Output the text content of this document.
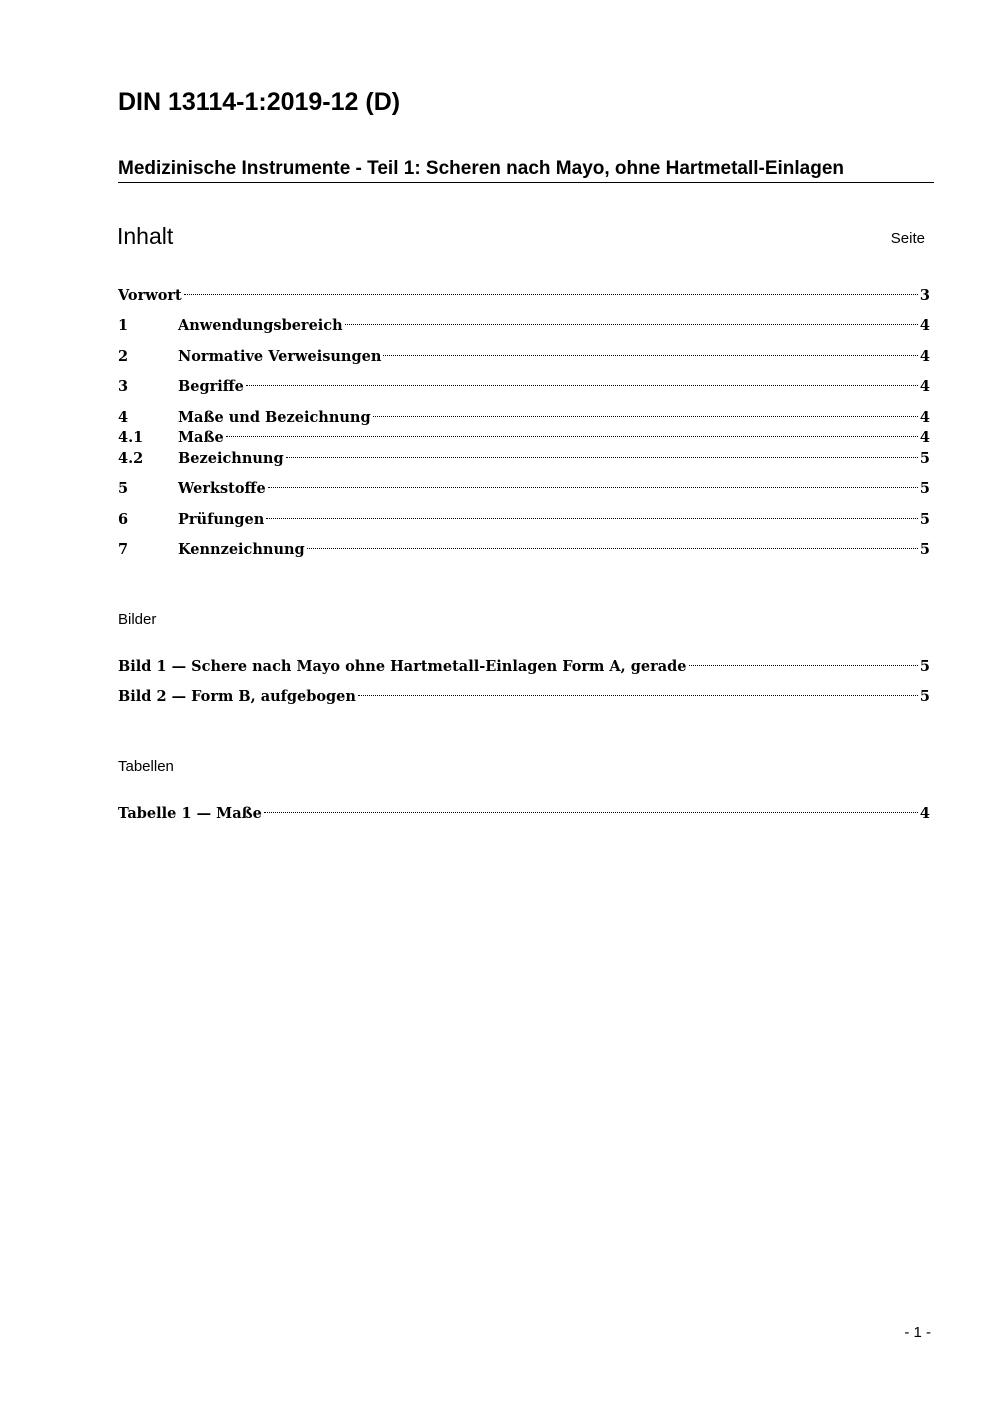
DIN 13114-1:2019-12 (D)
Medizinische Instrumente - Teil 1: Scheren nach Mayo, ohne Hartmetall-Einlagen
Inhalt	Seite
Vorwort	3
1	Anwendungsbereich	4
2	Normative Verweisungen	4
3	Begriffe	4
4	Maße und Bezeichnung	4
4.1	Maße	4
4.2	Bezeichnung	5
5	Werkstoffe	5
6	Prüfungen	5
7	Kennzeichnung	5
Bilder
Bild 1 — Schere nach Mayo ohne Hartmetall-Einlagen Form A, gerade	5
Bild 2 — Form B, aufgebogen	5
Tabellen
Tabelle 1 — Maße	4
- 1 -
